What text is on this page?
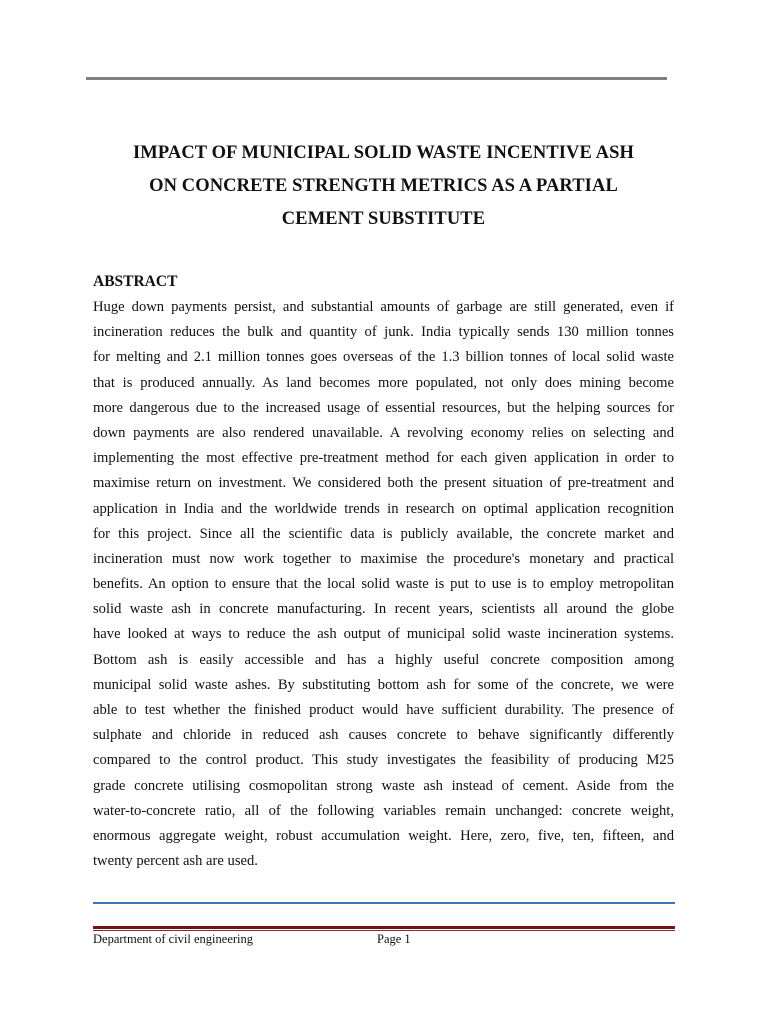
IMPACT OF MUNICIPAL SOLID WASTE INCENTIVE ASH
ON CONCRETE STRENGTH METRICS AS A PARTIAL
CEMENT SUBSTITUTE
ABSTRACT
Huge down payments persist, and substantial amounts of garbage are still generated, even if
incineration reduces the bulk and quantity of junk. India typically sends 130 million tonnes
for melting and 2.1 million tonnes goes overseas of the 1.3 billion tonnes of local solid waste
that is produced annually. As land becomes more populated, not only does mining become
more dangerous due to the increased usage of essential resources, but the helping sources for
down payments are also rendered unavailable. A revolving economy relies on selecting and
implementing the most effective pre-treatment method for each given application in order to
maximise return on investment. We considered both the present situation of pre-treatment and
application in India and the worldwide trends in research on optimal application recognition
for this project. Since all the scientific data is publicly available, the concrete market and
incineration must now work together to maximise the procedure's monetary and practical
benefits. An option to ensure that the local solid waste is put to use is to employ metropolitan
solid waste ash in concrete manufacturing. In recent years, scientists all around the globe
have looked at ways to reduce the ash output of municipal solid waste incineration systems.
Bottom ash is easily accessible and has a highly useful concrete composition among
municipal solid waste ashes. By substituting bottom ash for some of the concrete, we were
able to test whether the finished product would have sufficient durability. The presence of
sulphate and chloride in reduced ash causes concrete to behave significantly differently
compared to the control product. This study investigates the feasibility of producing M25
grade concrete utilising cosmopolitan strong waste ash instead of cement. Aside from the
water-to-concrete ratio, all of the following variables remain unchanged: concrete weight,
enormous aggregate weight, robust accumulation weight. Here, zero, five, ten, fifteen, and
twenty percent ash are used.
Department of civil engineering	Page 1
